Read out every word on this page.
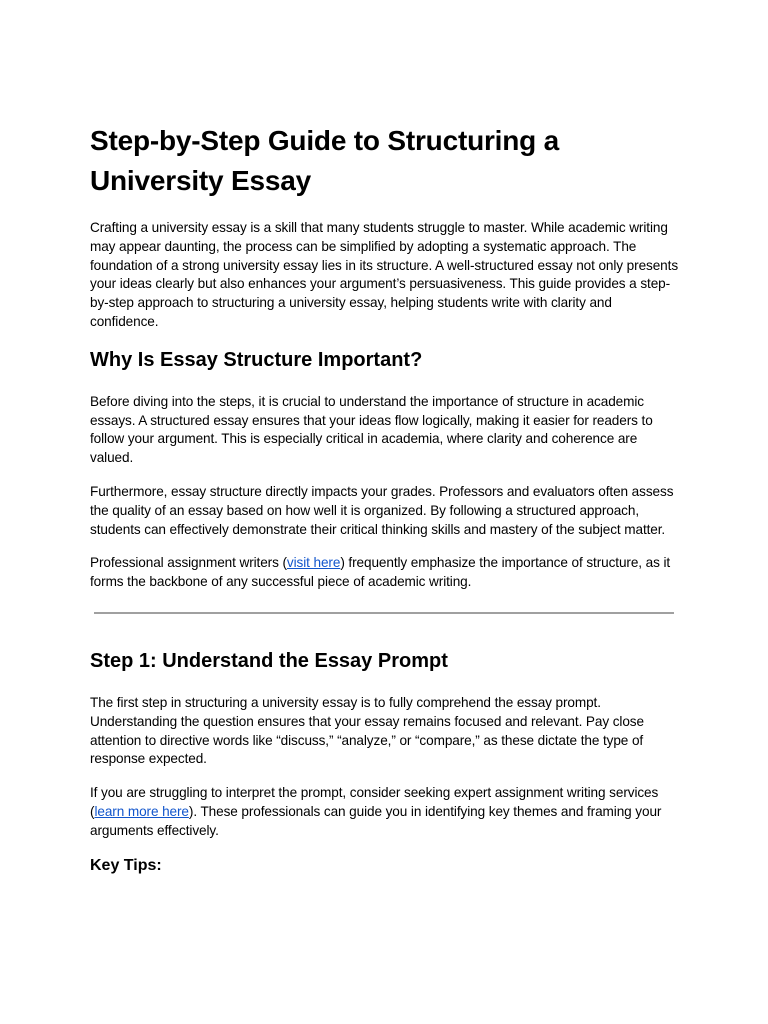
Step-by-Step Guide to Structuring a University Essay

Crafting a university essay is a skill that many students struggle to master. While academic writing may appear daunting, the process can be simplified by adopting a systematic approach. The foundation of a strong university essay lies in its structure. A well-structured essay not only presents your ideas clearly but also enhances your argument’s persuasiveness. This guide provides a step-by-step approach to structuring a university essay, helping students write with clarity and confidence.

Why Is Essay Structure Important?

Before diving into the steps, it is crucial to understand the importance of structure in academic essays. A structured essay ensures that your ideas flow logically, making it easier for readers to follow your argument. This is especially critical in academia, where clarity and coherence are valued.

Furthermore, essay structure directly impacts your grades. Professors and evaluators often assess the quality of an essay based on how well it is organized. By following a structured approach, students can effectively demonstrate their critical thinking skills and mastery of the subject matter.

Professional assignment writers (visit here) frequently emphasize the importance of structure, as it forms the backbone of any successful piece of academic writing.

Step 1: Understand the Essay Prompt

The first step in structuring a university essay is to fully comprehend the essay prompt. Understanding the question ensures that your essay remains focused and relevant. Pay close attention to directive words like “discuss,” “analyze,” or “compare,” as these dictate the type of response expected.

If you are struggling to interpret the prompt, consider seeking expert assignment writing services (learn more here). These professionals can guide you in identifying key themes and framing your arguments effectively.

Key Tips:
